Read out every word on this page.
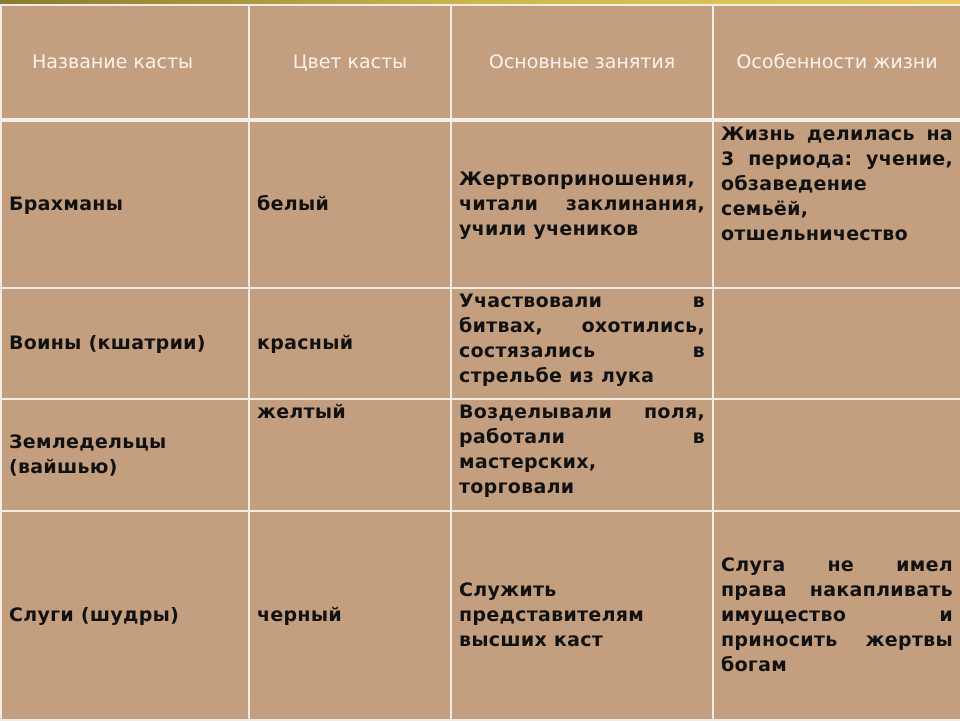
Название касты	Цвет касты	Основные занятия	Особенности жизни

Брахманы	белый	Жертвоприношения, читали заклинания, учили учеников	Жизнь делилась на 3 периода: учение, обзаведение семьёй, отшельничество
Воины (кшатрии)	красный	Участвовали в битвах, охотились, состязались в стрельбе из лука	
Земледельцы (вайшью)	желтый	Возделывали поля, работали в мастерских, торговали	
Слуги (шудры)	черный	Служить представителям высших каст	Слуга не имел права накапливать имущество и приносить жертвы богам
